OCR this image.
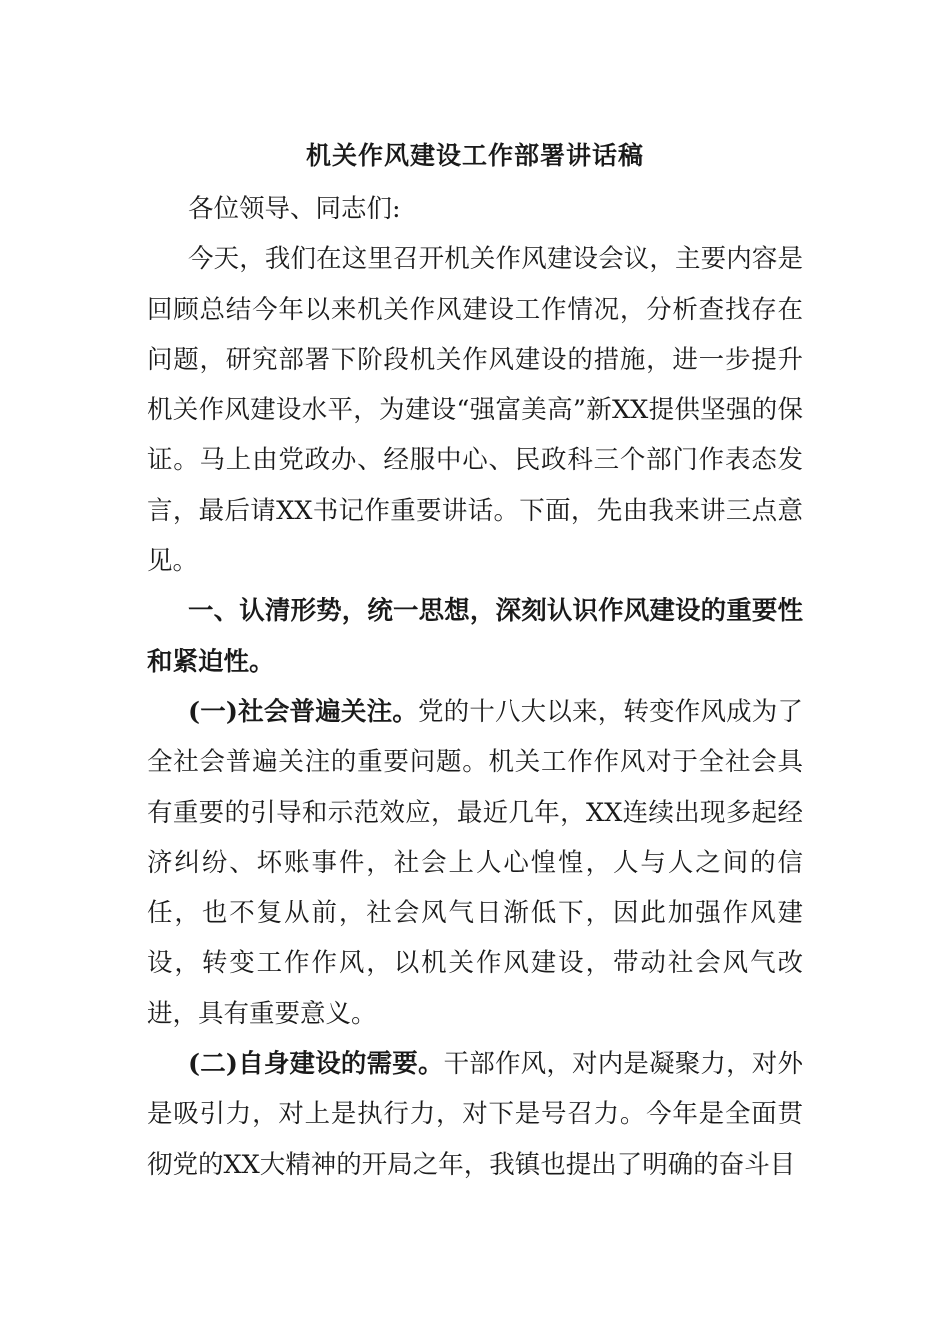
机关作风建设工作部署讲话稿

各位领导、同志们:

今天，我们在这里召开机关作风建设会议，主要内容是回顾总结今年以来机关作风建设工作情况，分析查找存在问题，研究部署下阶段机关作风建设的措施，进一步提升机关作风建设水平，为建设“强富美高”新XX提供坚强的保证。马上由党政办、经服中心、民政科三个部门作表态发言，最后请XX书记作重要讲话。下面，先由我来讲三点意见。

一、认清形势，统一思想，深刻认识作风建设的重要性和紧迫性。

(一)社会普遍关注。党的十八大以来，转变作风成为了全社会普遍关注的重要问题。机关工作作风对于全社会具有重要的引导和示范效应，最近几年，XX连续出现多起经济纠纷、坏账事件，社会上人心惶惶，人与人之间的信任，也不复从前，社会风气日渐低下，因此加强作风建设，转变工作作风，以机关作风建设，带动社会风气改进，具有重要意义。

(二)自身建设的需要。干部作风，对内是凝聚力，对外是吸引力，对上是执行力，对下是号召力。今年是全面贯彻党的XX大精神的开局之年，我镇也提出了明确的奋斗目
